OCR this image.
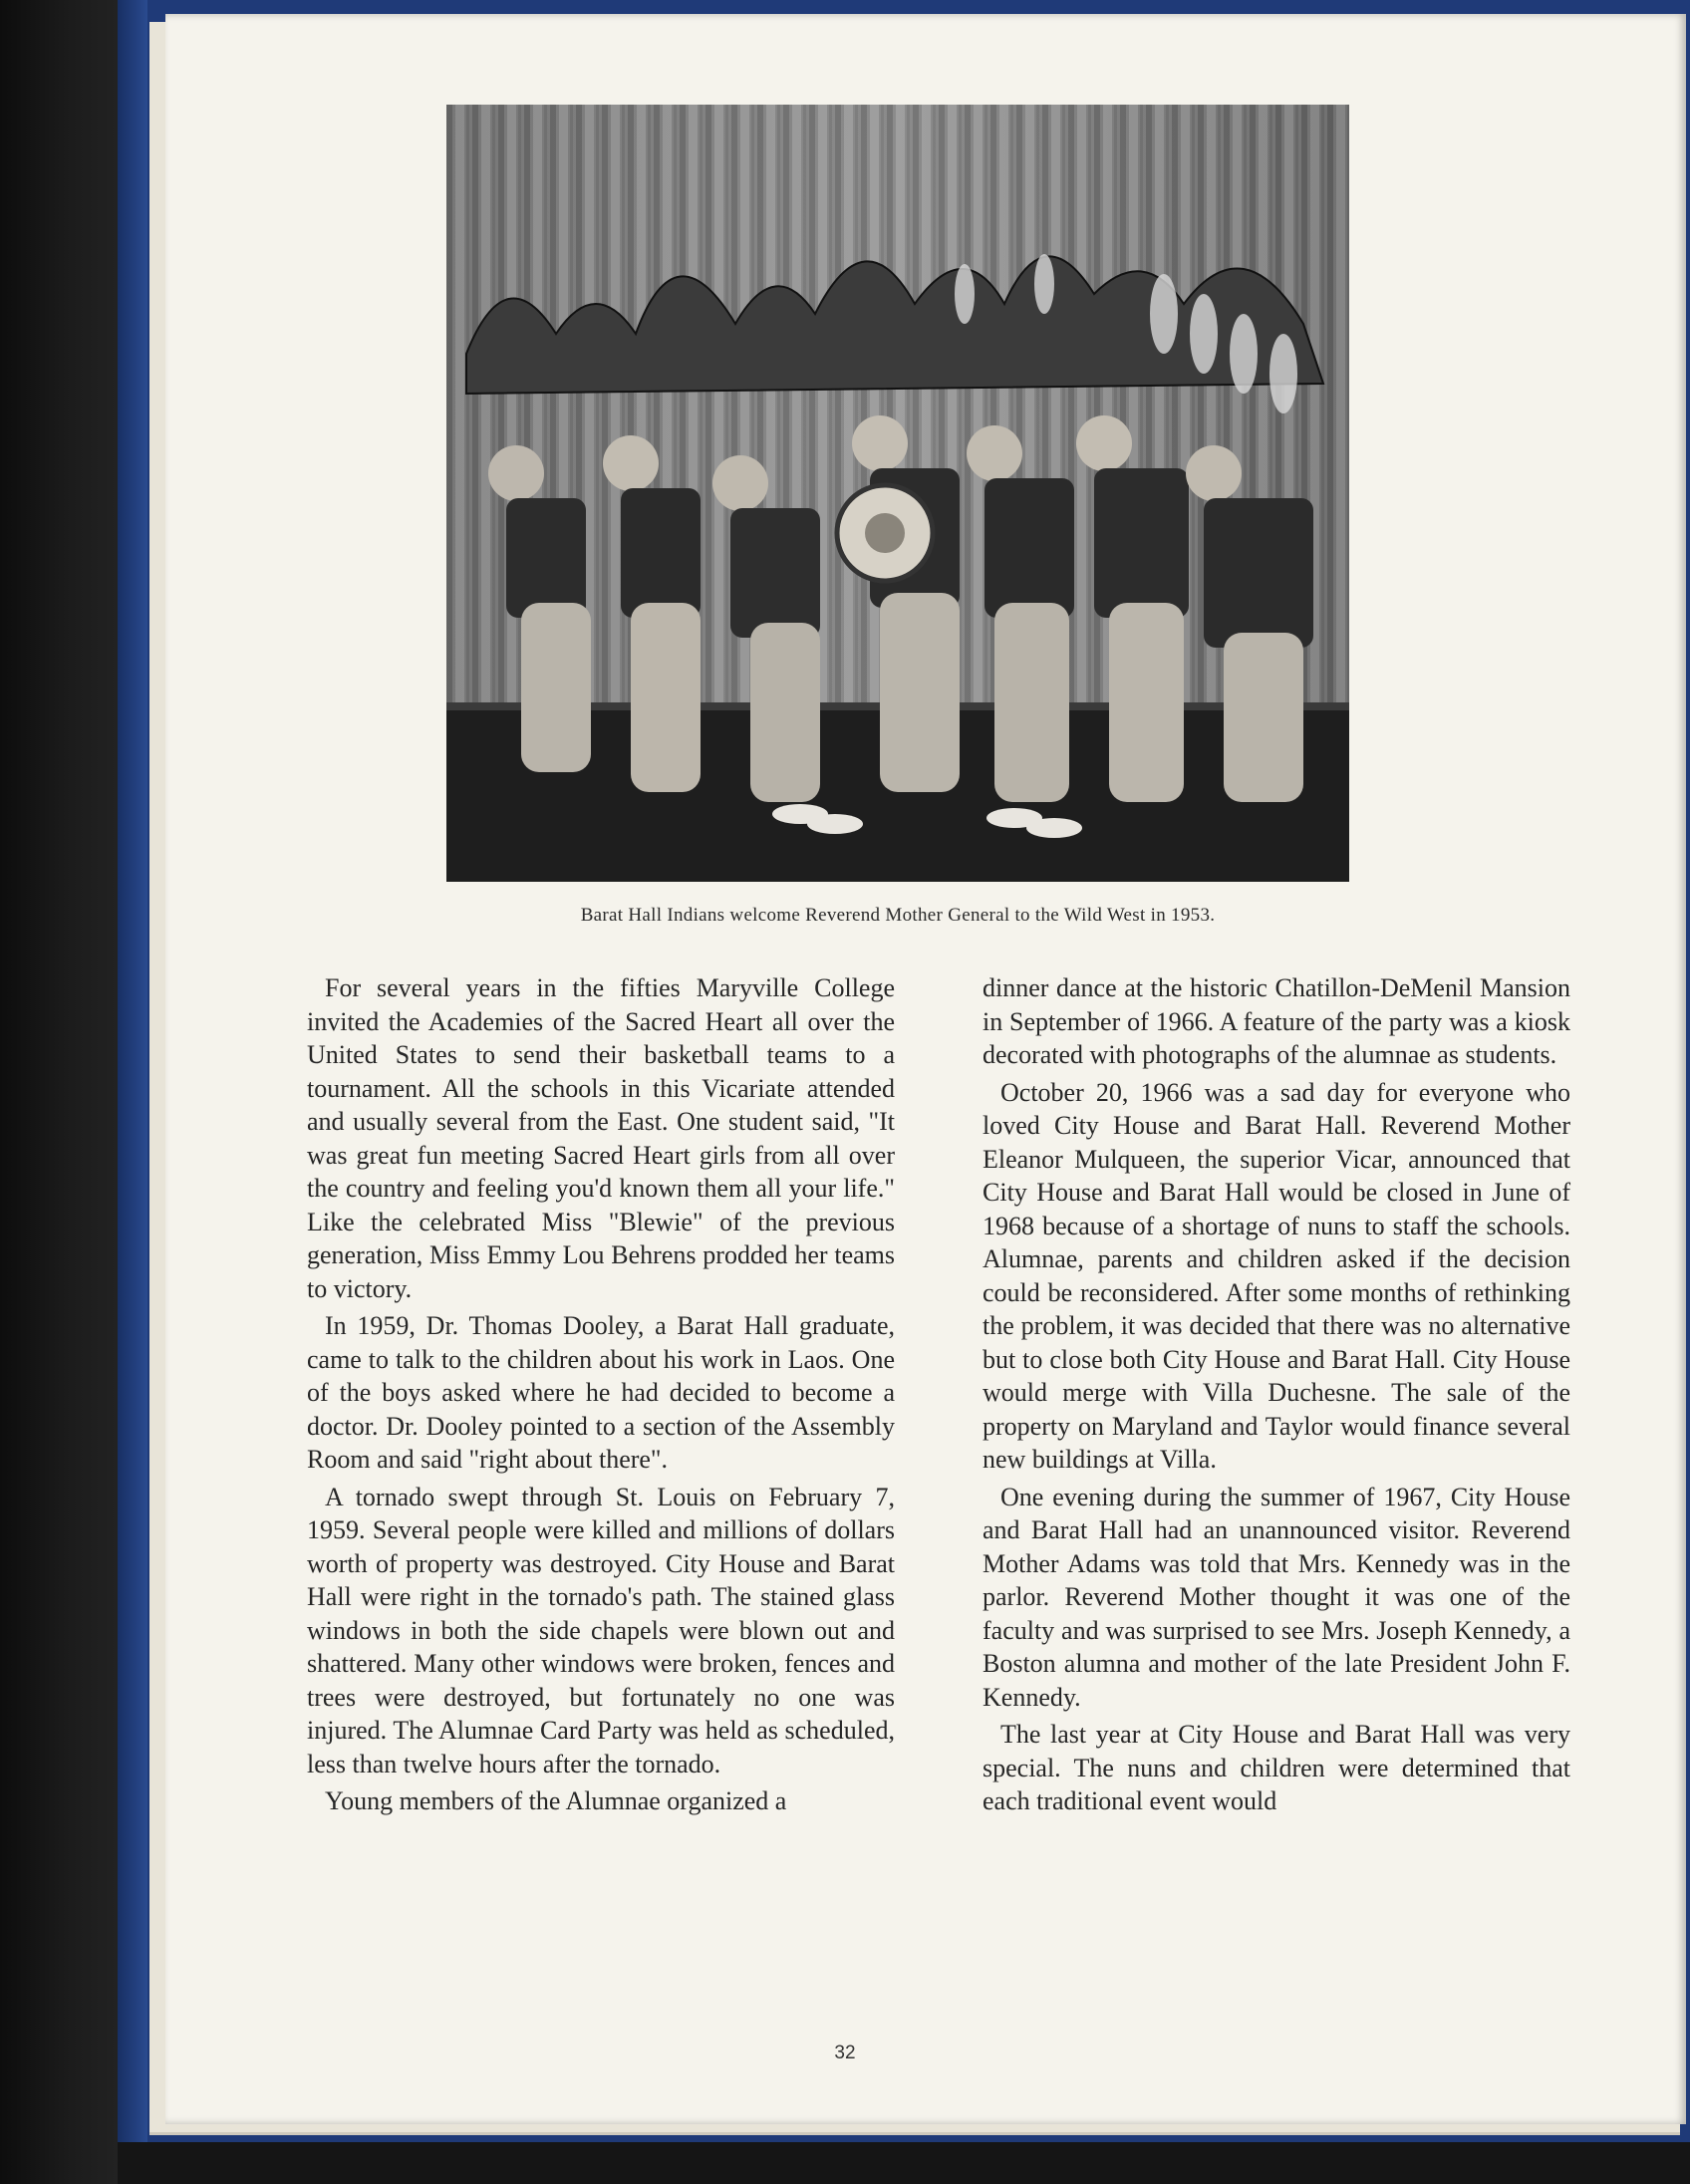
Barat Hall Indians welcome Reverend Mother General to the Wild West in 1953.

For several years in the fifties Maryville College invited the Academies of the Sacred Heart all over the United States to send their basketball teams to a tournament. All the schools in this Vicariate attended and usually several from the East. One student said, "It was great fun meeting Sacred Heart girls from all over the country and feeling you'd known them all your life." Like the celebrated Miss "Blewie" of the previous generation, Miss Emmy Lou Behrens prodded her teams to victory.

In 1959, Dr. Thomas Dooley, a Barat Hall graduate, came to talk to the children about his work in Laos. One of the boys asked where he had decided to become a doctor. Dr. Dooley pointed to a section of the Assembly Room and said "right about there".

A tornado swept through St. Louis on February 7, 1959. Several people were killed and millions of dollars worth of property was destroyed. City House and Barat Hall were right in the tornado's path. The stained glass windows in both the side chapels were blown out and shattered. Many other windows were broken, fences and trees were destroyed, but fortunately no one was injured. The Alumnae Card Party was held as scheduled, less than twelve hours after the tornado.

Young members of the Alumnae organized a

dinner dance at the historic Chatillon-DeMenil Mansion in September of 1966. A feature of the party was a kiosk decorated with photographs of the alumnae as students.

October 20, 1966 was a sad day for everyone who loved City House and Barat Hall. Reverend Mother Eleanor Mulqueen, the superior Vicar, announced that City House and Barat Hall would be closed in June of 1968 because of a shortage of nuns to staff the schools. Alumnae, parents and children asked if the decision could be reconsidered. After some months of rethinking the problem, it was decided that there was no alternative but to close both City House and Barat Hall. City House would merge with Villa Duchesne. The sale of the property on Maryland and Taylor would finance several new buildings at Villa.

One evening during the summer of 1967, City House and Barat Hall had an unannounced visitor. Reverend Mother Adams was told that Mrs. Kennedy was in the parlor. Reverend Mother thought it was one of the faculty and was surprised to see Mrs. Joseph Kennedy, a Boston alumna and mother of the late President John F. Kennedy.

The last year at City House and Barat Hall was very special. The nuns and children were determined that each traditional event would

32
